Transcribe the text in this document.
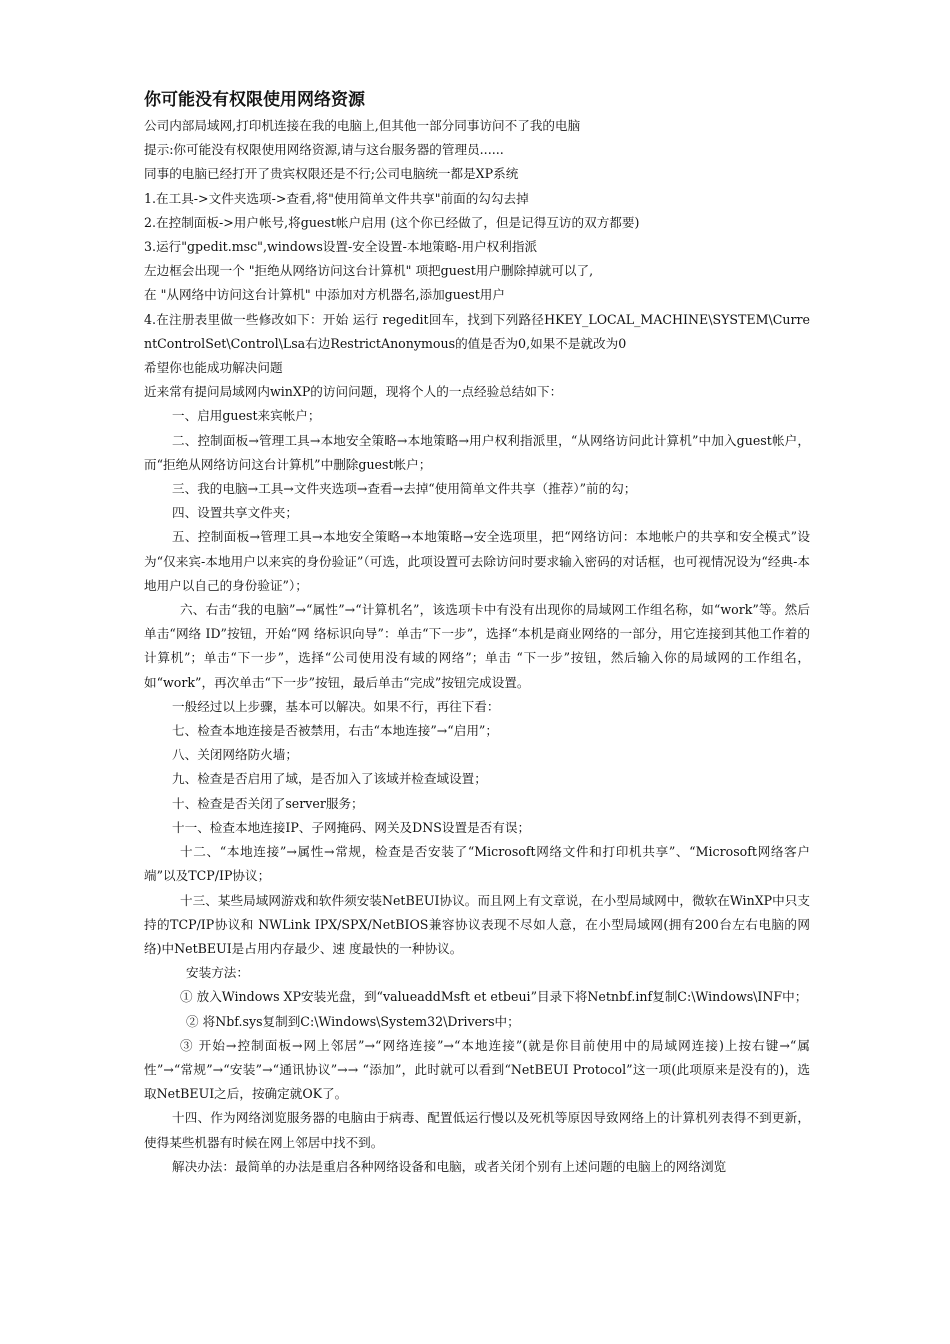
你可能没有权限使用网络资源

公司内部局域网,打印机连接在我的电脑上,但其他一部分同事访问不了我的电脑

提示:你可能没有权限使用网络资源,请与这台服务器的管理员......

同事的电脑已经打开了贵宾权限还是不行;公司电脑统一都是XP系统

1.在工具->文件夹选项->查看,将"使用简单文件共享"前面的勾勾去掉

2.在控制面板->用户帐号,将guest帐户启用 (这个你已经做了，但是记得互访的双方都要)

3.运行"gpedit.msc",windows设置-安全设置-本地策略-用户权利指派

左边框会出现一个 "拒绝从网络访问这台计算机" 项把guest用户删除掉就可以了,

在 "从网络中访问这台计算机" 中添加对方机器名,添加guest用户

4.在注册表里做一些修改如下：开始 运行 regedit回车，找到下列路径HKEY_LOCAL_MACHINE\SYSTEM\CurrentControlSet\Control\Lsa右边RestrictAnonymous的值是否为0,如果不是就改为0

希望你也能成功解决问题

近来常有提问局域网内winXP的访问问题，现将个人的一点经验总结如下：

一、启用guest来宾帐户；

二、控制面板→管理工具→本地安全策略→本地策略→用户权利指派里，“从网络访问此计算机”中加入guest帐户，而“拒绝从网络访问这台计算机”中删除guest帐户；

三、我的电脑→工具→文件夹选项→查看→去掉“使用简单文件共享（推荐）”前的勾；

四、设置共享文件夹；

五、控制面板→管理工具→本地安全策略→本地策略→安全选项里，把“网络访问：本地帐户的共享和安全模式”设为“仅来宾-本地用户以来宾的身份验证”（可选，此项设置可去除访问时要求输入密码的对话框，也可视情况设为“经典-本地用户以自己的身份验证”）；

六、右击“我的电脑”→“属性”→“计算机名”，该选项卡中有没有出现你的局域网工作组名称，如“work”等。然后单击“网络 ID”按钮，开始“网 络标识向导”：单击“下一步”，选择“本机是商业网络的一部分，用它连接到其他工作着的计算机”；单击“下一步”，选择“公司使用没有域的网络”；单击 “下一步”按钮，然后输入你的局域网的工作组名，如“work”，再次单击“下一步”按钮，最后单击“完成”按钮完成设置。

一般经过以上步骤，基本可以解决。如果不行，再往下看：

七、检查本地连接是否被禁用，右击“本地连接”→“启用”；

八、关闭网络防火墙；

九、检查是否启用了域，是否加入了该域并检查域设置；

十、检查是否关闭了server服务；

十一、检查本地连接IP、子网掩码、网关及DNS设置是否有误；

十二、“本地连接”→属性→常规，检查是否安装了“Microsoft网络文件和打印机共享”、“Microsoft网络客户端”以及TCP/IP协议；

十三、某些局域网游戏和软件须安装NetBEUI协议。而且网上有文章说，在小型局域网中，微软在WinXP中只支持的TCP/IP协议和 NWLink IPX/SPX/NetBIOS兼容协议表现不尽如人意，在小型局域网(拥有200台左右电脑的网络)中NetBEUI是占用内存最少、速 度最快的一种协议。

安装方法：

① 放入Windows XP安装光盘，到“valueaddMsft et etbeui”目录下将Netnbf.inf复制C:\Windows\INF中；

② 将Nbf.sys复制到C:\Windows\System32\Drivers中；

③ 开始→控制面板→网上邻居”→“网络连接”→“本地连接”(就是你目前使用中的局域网连接)上按右键→“属性”→“常规”→“安装”→“通讯协议”→→ “添加”，此时就可以看到“NetBEUI Protocol”这一项(此项原来是没有的)，选取NetBEUI之后，按确定就OK了。

十四、作为网络浏览服务器的电脑由于病毒、配置低运行慢以及死机等原因导致网络上的计算机列表得不到更新，使得某些机器有时候在网上邻居中找不到。

解决办法：最简单的办法是重启各种网络设备和电脑，或者关闭个别有上述问题的电脑上的网络浏览
